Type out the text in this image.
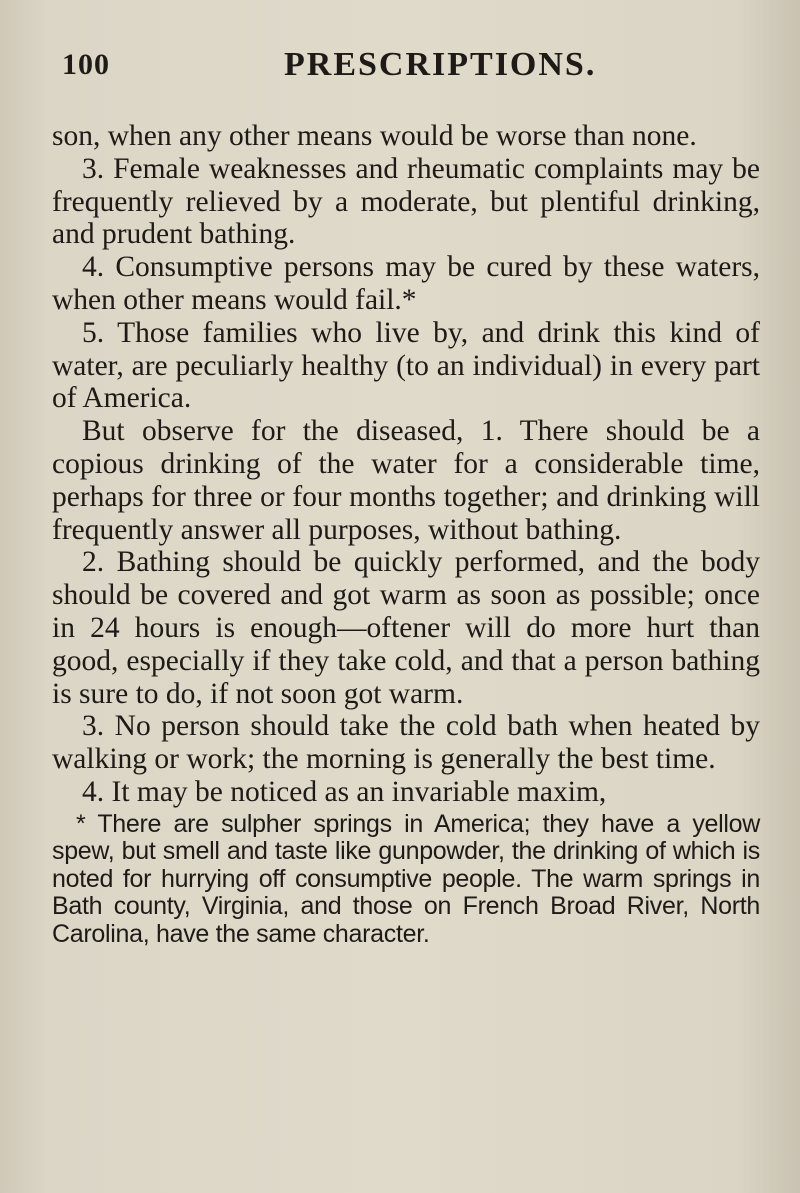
100	PRESCRIPTIONS.

son, when any other means would be worse than none.

3. Female weaknesses and rheumatic complaints may be frequently relieved by a moderate, but plentiful drinking, and prudent bathing.

4. Consumptive persons may be cured by these waters, when other means would fail.*

5. Those families who live by, and drink this kind of water, are peculiarly healthy (to an individual) in every part of America.

But observe for the diseased, 1. There should be a copious drinking of the water for a considerable time, perhaps for three or four months together; and drinking will frequently answer all purposes, without bathing.

2. Bathing should be quickly performed, and the body should be covered and got warm as soon as possible; once in 24 hours is enough—oftener will do more hurt than good, especially if they take cold, and that a person bathing is sure to do, if not soon got warm.

3. No person should take the cold bath when heated by walking or work; the morning is generally the best time.

4. It may be noticed as an invariable maxim,

* There are sulpher springs in America; they have a yellow spew, but smell and taste like gunpowder, the drinking of which is noted for hurrying off consumptive people. The warm springs in Bath county, Virginia, and those on French Broad River, North Carolina, have the same character.
